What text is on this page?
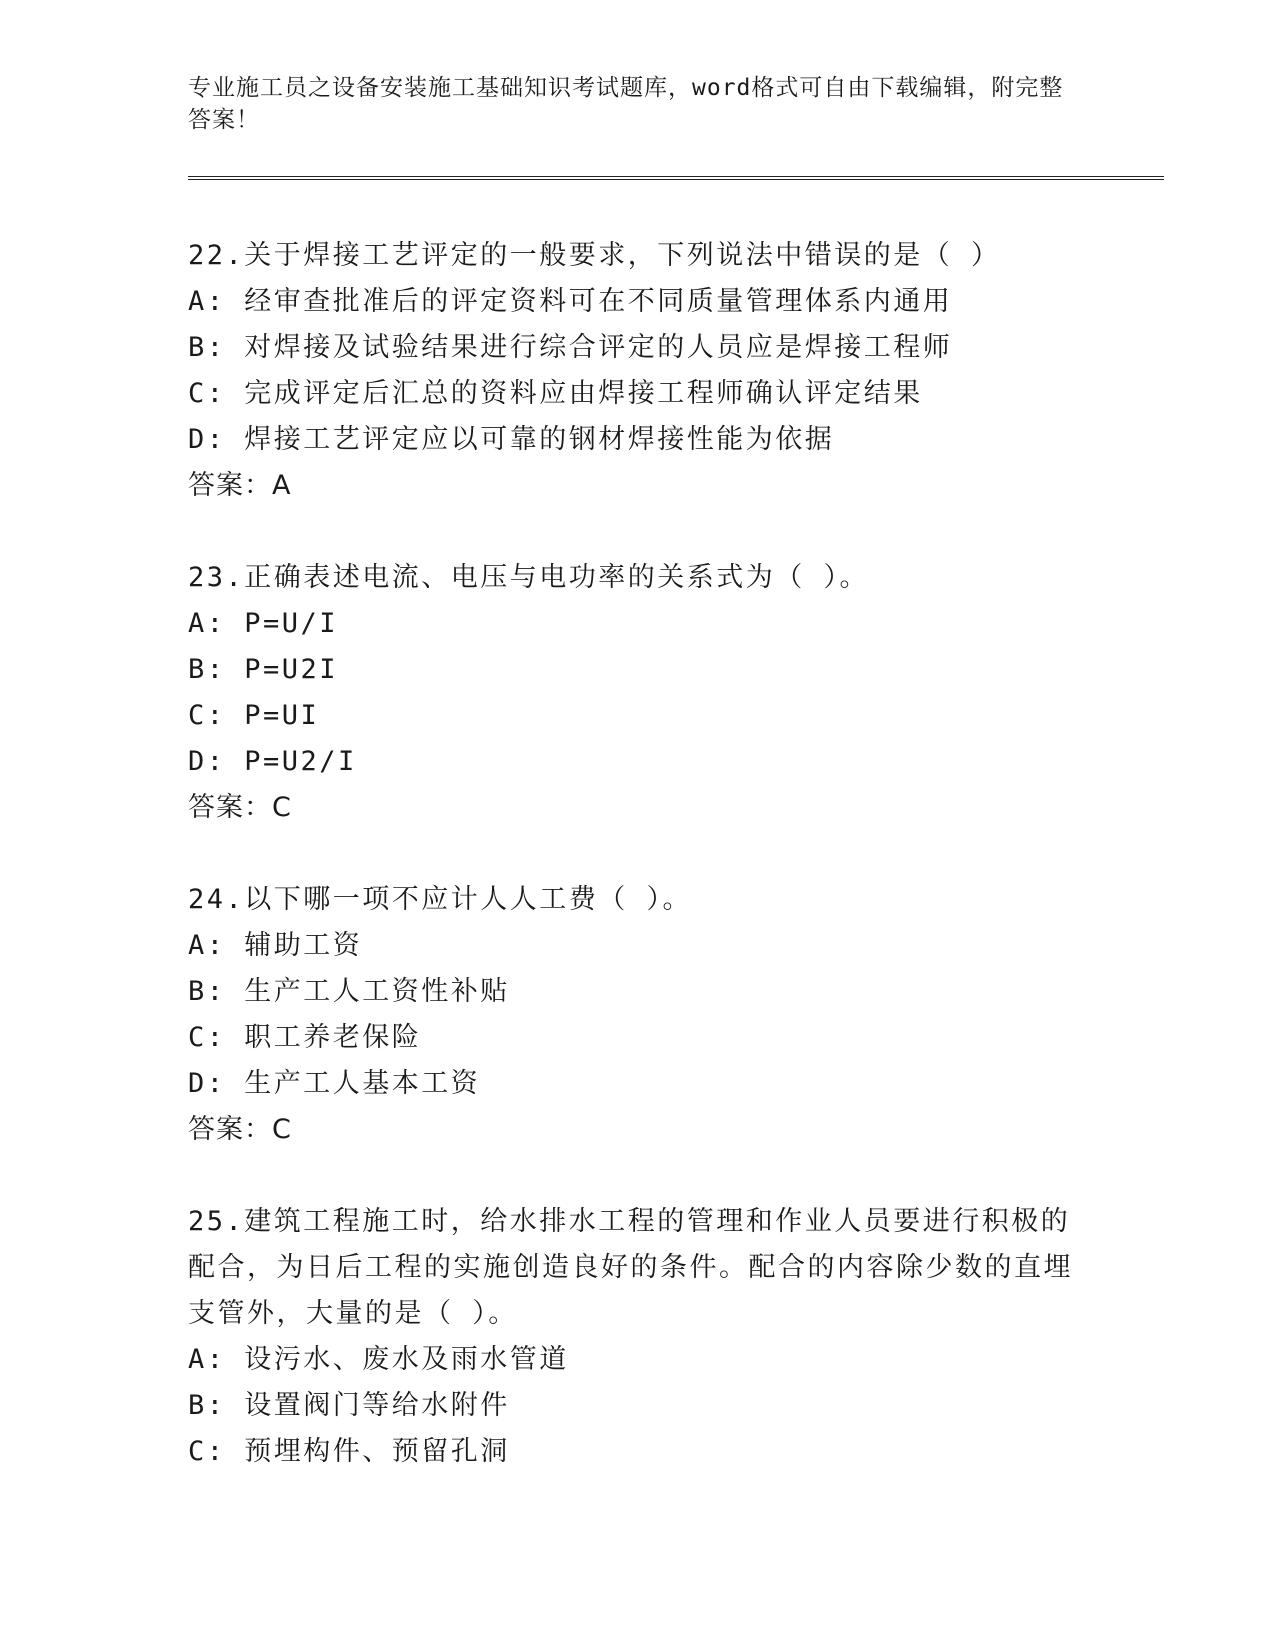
专业施工员之设备安装施工基础知识考试题库，word格式可自由下载编辑，附完整答案！

22.关于焊接工艺评定的一般要求，下列说法中错误的是（ ）

A: 经审查批准后的评定资料可在不同质量管理体系内通用

B: 对焊接及试验结果进行综合评定的人员应是焊接工程师

C: 完成评定后汇总的资料应由焊接工程师确认评定结果

D: 焊接工艺评定应以可靠的钢材焊接性能为依据

答案：A

23.正确表述电流、电压与电功率的关系式为（ ）。

A: P=U/I

B: P=U2I

C: P=UI

D: P=U2/I

答案：C

24.以下哪一项不应计人人工费（ ）。

A: 辅助工资

B: 生产工人工资性补贴

C: 职工养老保险

D: 生产工人基本工资

答案：C

25.建筑工程施工时，给水排水工程的管理和作业人员要进行积极的配合，为日后工程的实施创造良好的条件。配合的内容除少数的直埋支管外，大量的是（ ）。

A: 设污水、废水及雨水管道

B: 设置阀门等给水附件

C: 预埋构件、预留孔洞
